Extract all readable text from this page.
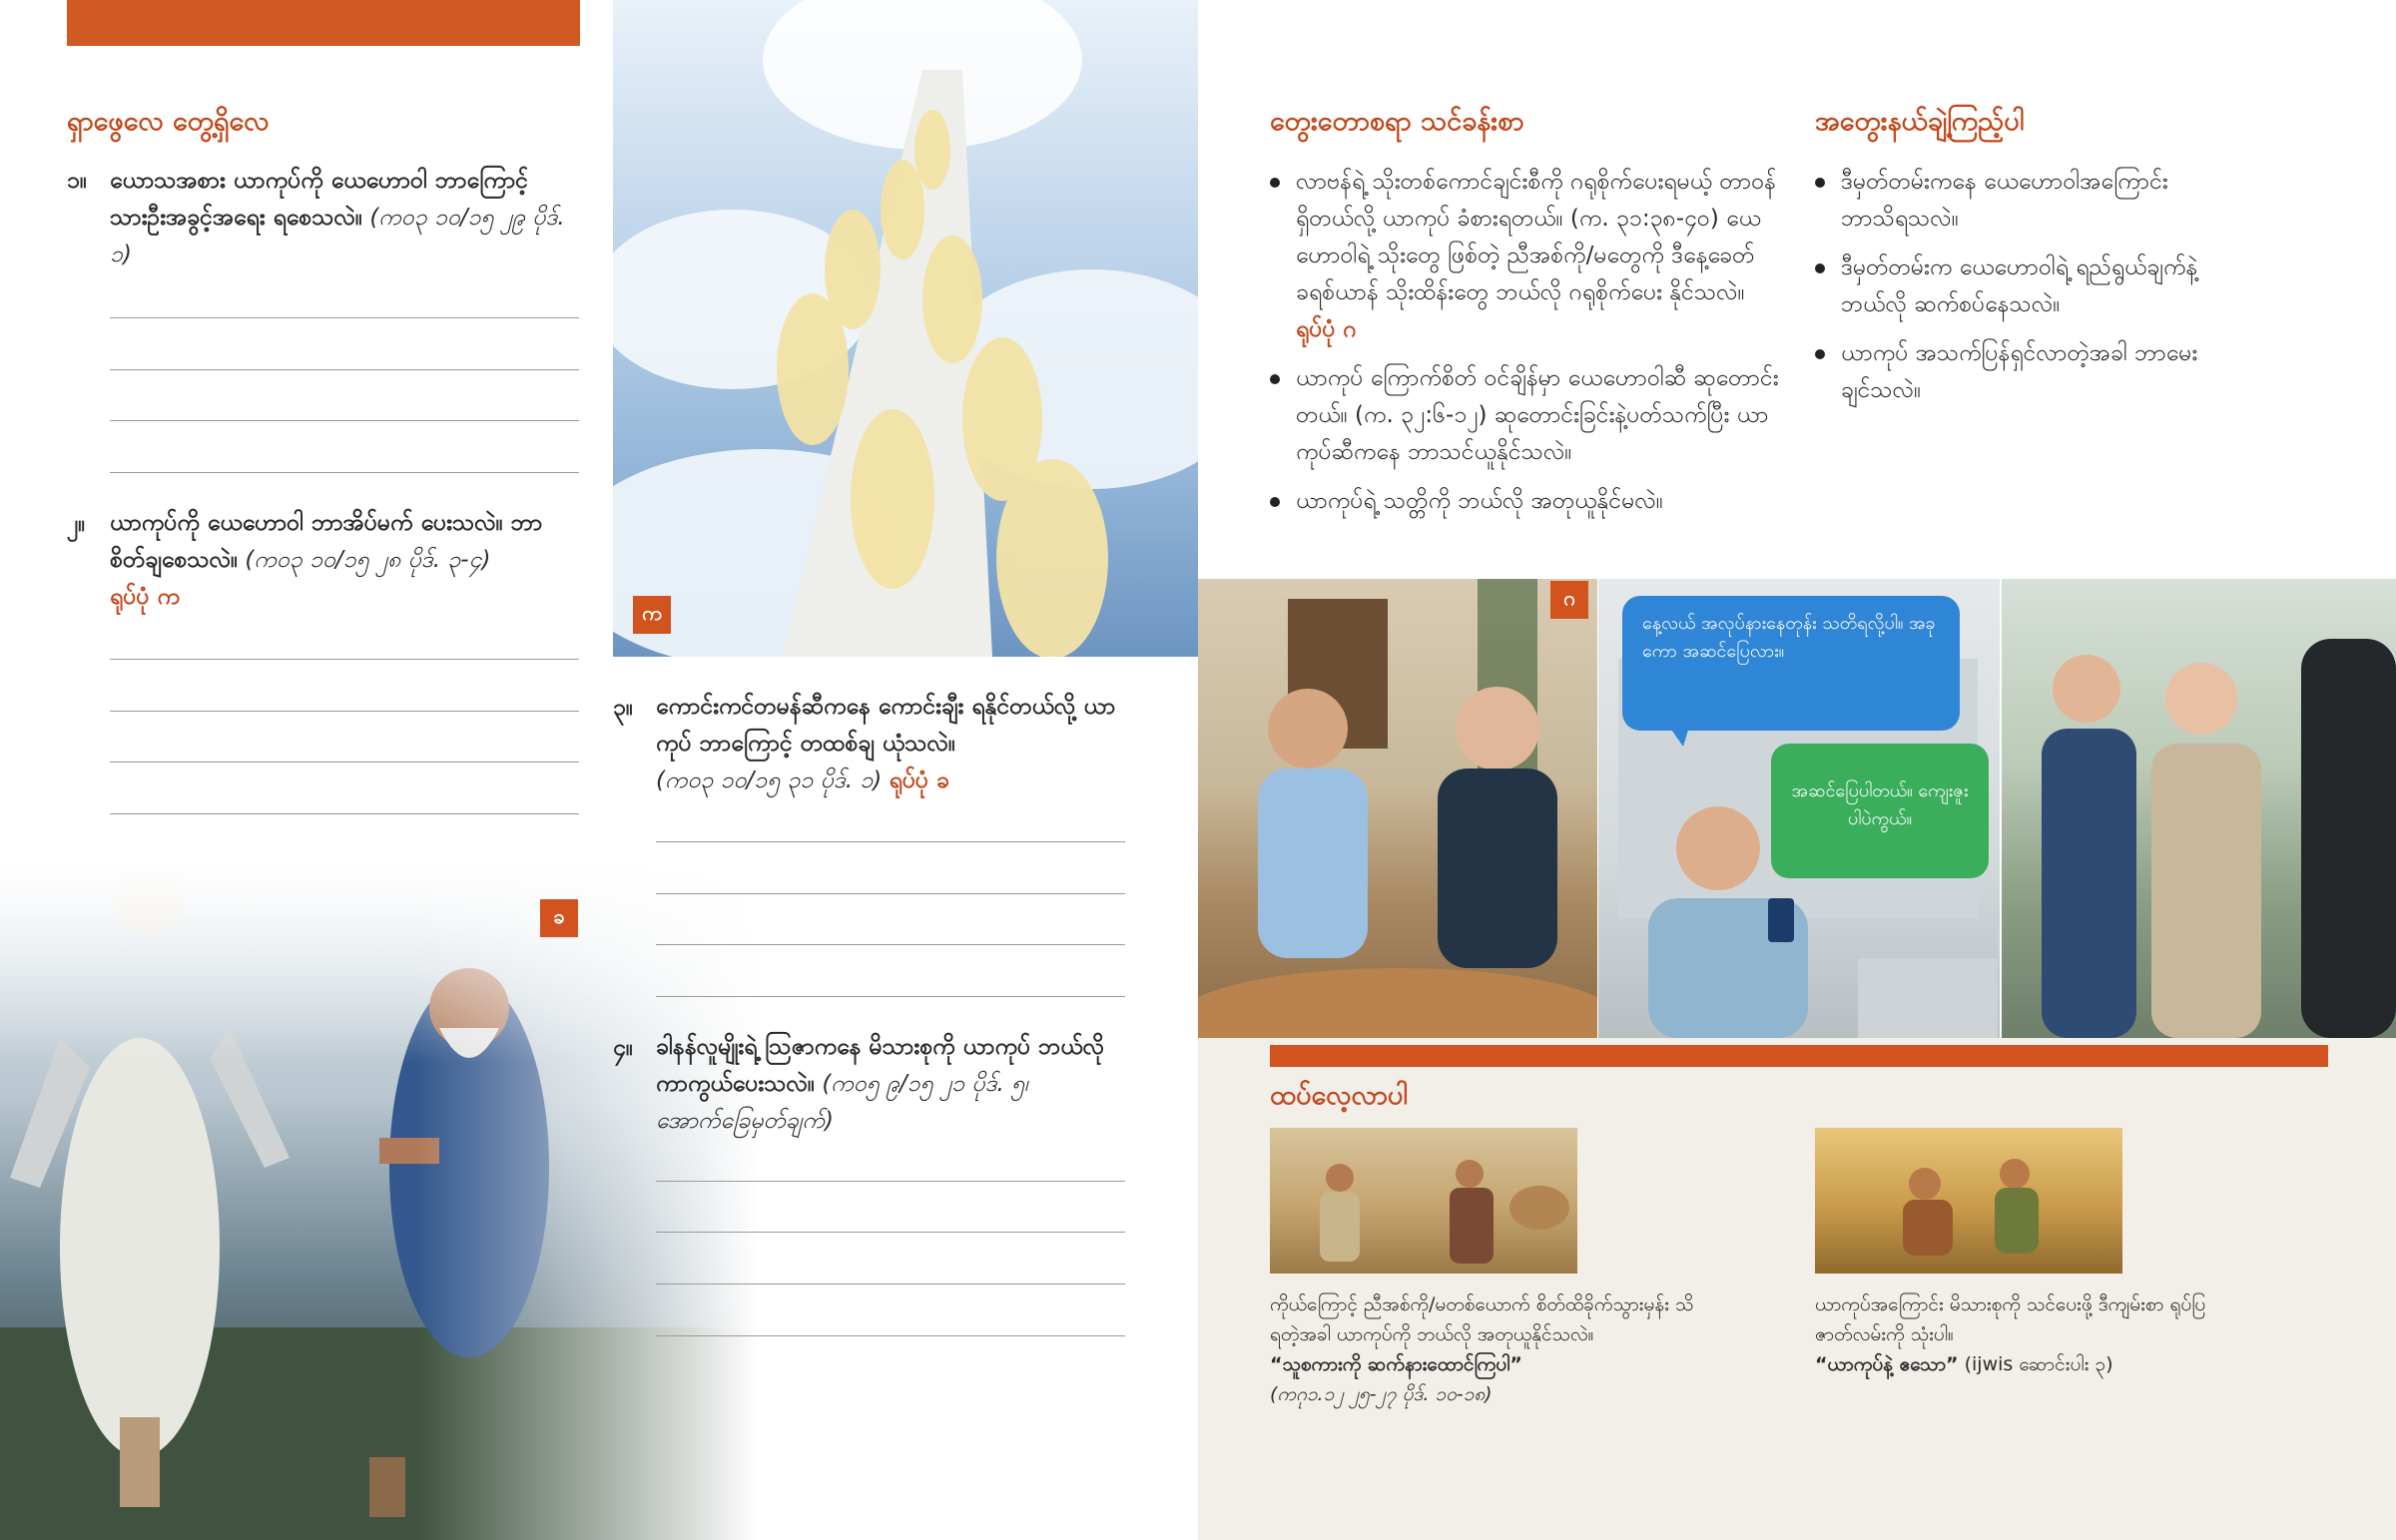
ရှာဖွေလေ တွေ့ရှိလေ
၁။ ယောသအစား ယာကုပ်ကို ယေဟောဝါ ဘာကြောင့် သားဦးအခွင့်အရေး ရစေသလဲ။ (ကဝ၃ ၁၀/၁၅ ၂၉ ပိုဒ်. ၁)
၂။ ယာကုပ်ကို ယေဟောဝါ ဘာအိပ်မက် ပေးသလဲ။ ဘာစိတ်ချစေသလဲ။ (ကဝ၃ ၁၀/၁၅ ၂၈ ပိုဒ်. ၃-၄)
ရုပ်ပုံ က
ခ
က
၃။ ကောင်းကင်တမန်ဆီကနေ ကောင်းချီး ရနိုင်တယ်လို့ ယာကုပ် ဘာကြောင့် တထစ်ချ ယုံသလဲ။
(ကဝ၃ ၁၀/၁၅ ၃၁ ပိုဒ်. ၁) ရုပ်ပုံ ခ
၄။ ခါနန်လူမျိုးရဲ့ ဩဇာကနေ မိသားစုကို ယာကုပ် ဘယ်လို ကာကွယ်ပေးသလဲ။ (ကဝ၅ ၉/၁၅ ၂၁ ပိုဒ်. ၅၊ အောက်ခြေမှတ်ချက်)
တွေးတောစရာ သင်ခန်းစာ
လာဗန်ရဲ့ သိုးတစ်ကောင်ချင်းစီကို ဂရုစိုက်ပေးရမယ့် တာဝန် ရှိတယ်လို့ ယာကုပ် ခံစားရတယ်။ (က. ၃၁:၃၈-၄၀) ယေဟောဝါရဲ့ သိုးတွေ ဖြစ်တဲ့ ညီအစ်ကို/မတွေကို ဒီနေ့ခေတ် ခရစ်ယာန် သိုးထိန်းတွေ ဘယ်လို ဂရုစိုက်ပေး နိုင်သလဲ။ ရုပ်ပုံ ဂ
ယာကုပ် ကြောက်စိတ် ဝင်ချိန်မှာ ယေဟောဝါဆီ ဆုတောင်း တယ်။ (က. ၃၂:၆-၁၂) ဆုတောင်းခြင်းနဲ့ပတ်သက်ပြီး ယာကုပ်ဆီကနေ ဘာသင်ယူနိုင်သလဲ။
ယာကုပ်ရဲ့ သတ္တိကို ဘယ်လို အတုယူနိုင်မလဲ။
အတွေးနယ်ချဲ့ကြည့်ပါ
ဒီမှတ်တမ်းကနေ ယေဟောဝါအကြောင်း ဘာသိရသလဲ။
ဒီမှတ်တမ်းက ယေဟောဝါရဲ့ ရည်ရွယ်ချက်နဲ့ ဘယ်လို ဆက်စပ်နေသလဲ။
ယာကုပ် အသက်ပြန်ရှင်လာတဲ့အခါ ဘာမေးချင်သလဲ။
ဂ
နေ့လယ် အလုပ်နားနေတုန်း သတိရလို့ပါ။ အခုကော အဆင်ပြေလား။
အဆင်ပြေပါတယ်။ ကျေးဇူးပါပဲကွယ်။
ထပ်လေ့လာပါ
ကိုယ်ကြောင့် ညီအစ်ကို/မတစ်ယောက် စိတ်ထိခိုက်သွားမှန်း သိရတဲ့အခါ ယာကုပ်ကို ဘယ်လို အတုယူနိုင်သလဲ။
“သူစကားကို ဆက်နားထောင်ကြပါ”
(ကဂု၁.၁၂ ၂၅-၂၇ ပိုဒ်. ၁၀-၁၈)
ယာကုပ်အကြောင်း မိသားစုကို သင်ပေးဖို့ ဒီကျမ်းစာ ရုပ်ပြဇာတ်လမ်းကို သုံးပါ။
“ယာကုပ်နဲ့ ဧသော” (ijwis ဆောင်းပါး ၃)
